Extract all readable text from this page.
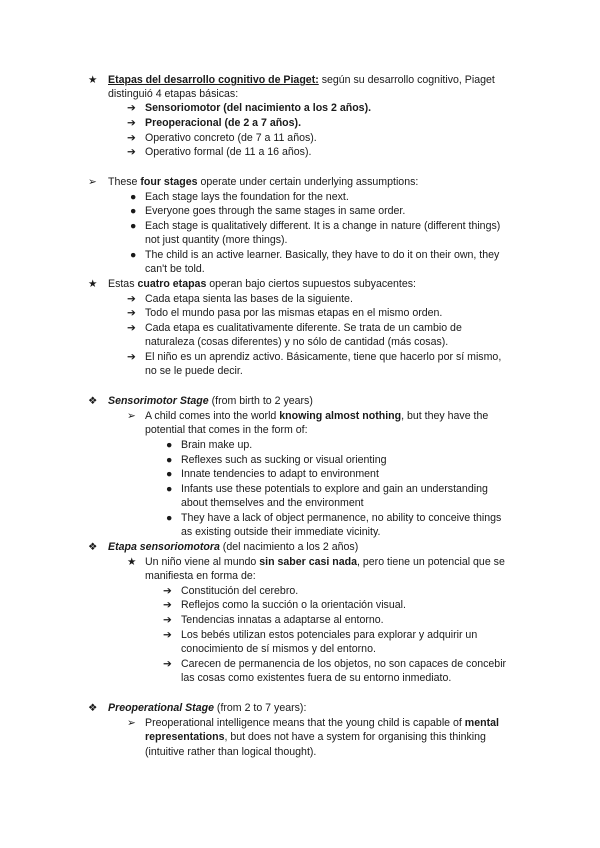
★ Etapas del desarrollo cognitivo de Piaget: según su desarrollo cognitivo, Piaget
distinguió 4 etapas básicas:
➔ Sensoriomotor (del nacimiento a los 2 años).
➔ Preoperacional (de 2 a 7 años).
➔ Operativo concreto (de 7 a 11 años).
➔ Operativo formal (de 11 a 16 años).
➢ These four stages operate under certain underlying assumptions:
● Each stage lays the foundation for the next.
● Everyone goes through the same stages in same order.
● Each stage is qualitatively different. It is a change in nature (different things)
not just quantity (more things).
● The child is an active learner. Basically, they have to do it on their own, they
can't be told.
★ Estas cuatro etapas operan bajo ciertos supuestos subyacentes:
➔ Cada etapa sienta las bases de la siguiente.
➔ Todo el mundo pasa por las mismas etapas en el mismo orden.
➔ Cada etapa es cualitativamente diferente. Se trata de un cambio de
naturaleza (cosas diferentes) y no sólo de cantidad (más cosas).
➔ El niño es un aprendiz activo. Básicamente, tiene que hacerlo por sí mismo,
no se le puede decir.
❖ Sensorimotor Stage (from birth to 2 years)
➢ A child comes into the world knowing almost nothing, but they have the
potential that comes in the form of:
● Brain make up.
● Reflexes such as sucking or visual orienting
● Innate tendencies to adapt to environment
● Infants use these potentials to explore and gain an understanding
about themselves and the environment
● They have a lack of object permanence, no ability to conceive things
as existing outside their immediate vicinity.
❖ Etapa sensoriomotora (del nacimiento a los 2 años)
★ Un niño viene al mundo sin saber casi nada, pero tiene un potencial que se
manifiesta en forma de:
➔ Constitución del cerebro.
➔ Reflejos como la succión o la orientación visual.
➔ Tendencias innatas a adaptarse al entorno.
➔ Los bebés utilizan estos potenciales para explorar y adquirir un
conocimiento de sí mismos y del entorno.
➔ Carecen de permanencia de los objetos, no son capaces de concebir
las cosas como existentes fuera de su entorno inmediato.
❖ Preoperational Stage (from 2 to 7 years):
➢ Preoperational intelligence means that the young child is capable of mental
representations, but does not have a system for organising this thinking
(intuitive rather than logical thought).
